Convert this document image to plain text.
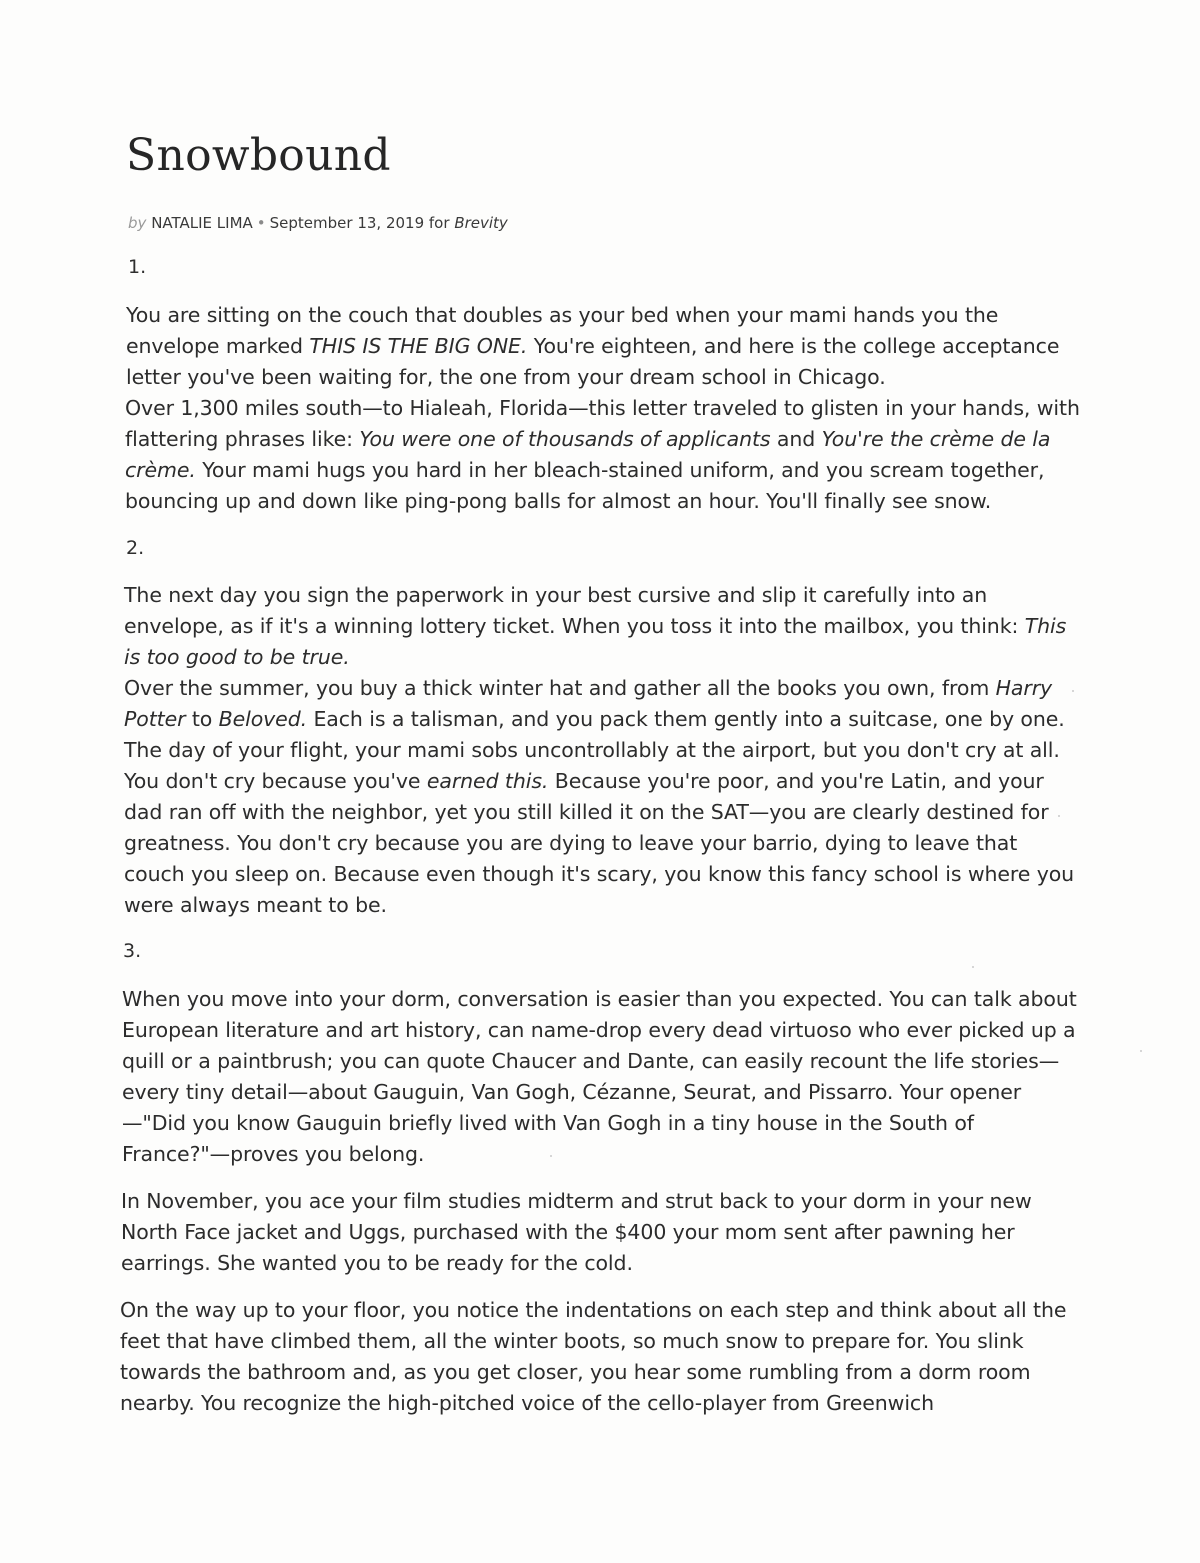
Snowbound
by NATALIE LIMA • September 13, 2019 for Brevity
1.

You are sitting on the couch that doubles as your bed when your mami hands you the envelope marked THIS IS THE BIG ONE. You're eighteen, and here is the college acceptance letter you've been waiting for, the one from your dream school in Chicago.

Over 1,300 miles south—to Hialeah, Florida—this letter traveled to glisten in your hands, with flattering phrases like: You were one of thousands of applicants and You're the crème de la crème. Your mami hugs you hard in her bleach-stained uniform, and you scream together, bouncing up and down like ping-pong balls for almost an hour. You'll finally see snow.

2.

The next day you sign the paperwork in your best cursive and slip it carefully into an envelope, as if it's a winning lottery ticket. When you toss it into the mailbox, you think: This is too good to be true.

Over the summer, you buy a thick winter hat and gather all the books you own, from Harry Potter to Beloved. Each is a talisman, and you pack them gently into a suitcase, one by one. The day of your flight, your mami sobs uncontrollably at the airport, but you don't cry at all. You don't cry because you've earned this. Because you're poor, and you're Latin, and your dad ran off with the neighbor, yet you still killed it on the SAT—you are clearly destined for greatness. You don't cry because you are dying to leave your barrio, dying to leave that couch you sleep on. Because even though it's scary, you know this fancy school is where you were always meant to be.

3.

When you move into your dorm, conversation is easier than you expected. You can talk about European literature and art history, can name-drop every dead virtuoso who ever picked up a quill or a paintbrush; you can quote Chaucer and Dante, can easily recount the life stories—every tiny detail—about Gauguin, Van Gogh, Cézanne, Seurat, and Pissarro. Your opener—"Did you know Gauguin briefly lived with Van Gogh in a tiny house in the South of France?"—proves you belong.

In November, you ace your film studies midterm and strut back to your dorm in your new North Face jacket and Uggs, purchased with the $400 your mom sent after pawning her earrings. She wanted you to be ready for the cold.

On the way up to your floor, you notice the indentations on each step and think about all the feet that have climbed them, all the winter boots, so much snow to prepare for. You slink towards the bathroom and, as you get closer, you hear some rumbling from a dorm room nearby. You recognize the high-pitched voice of the cello-player from Greenwich
